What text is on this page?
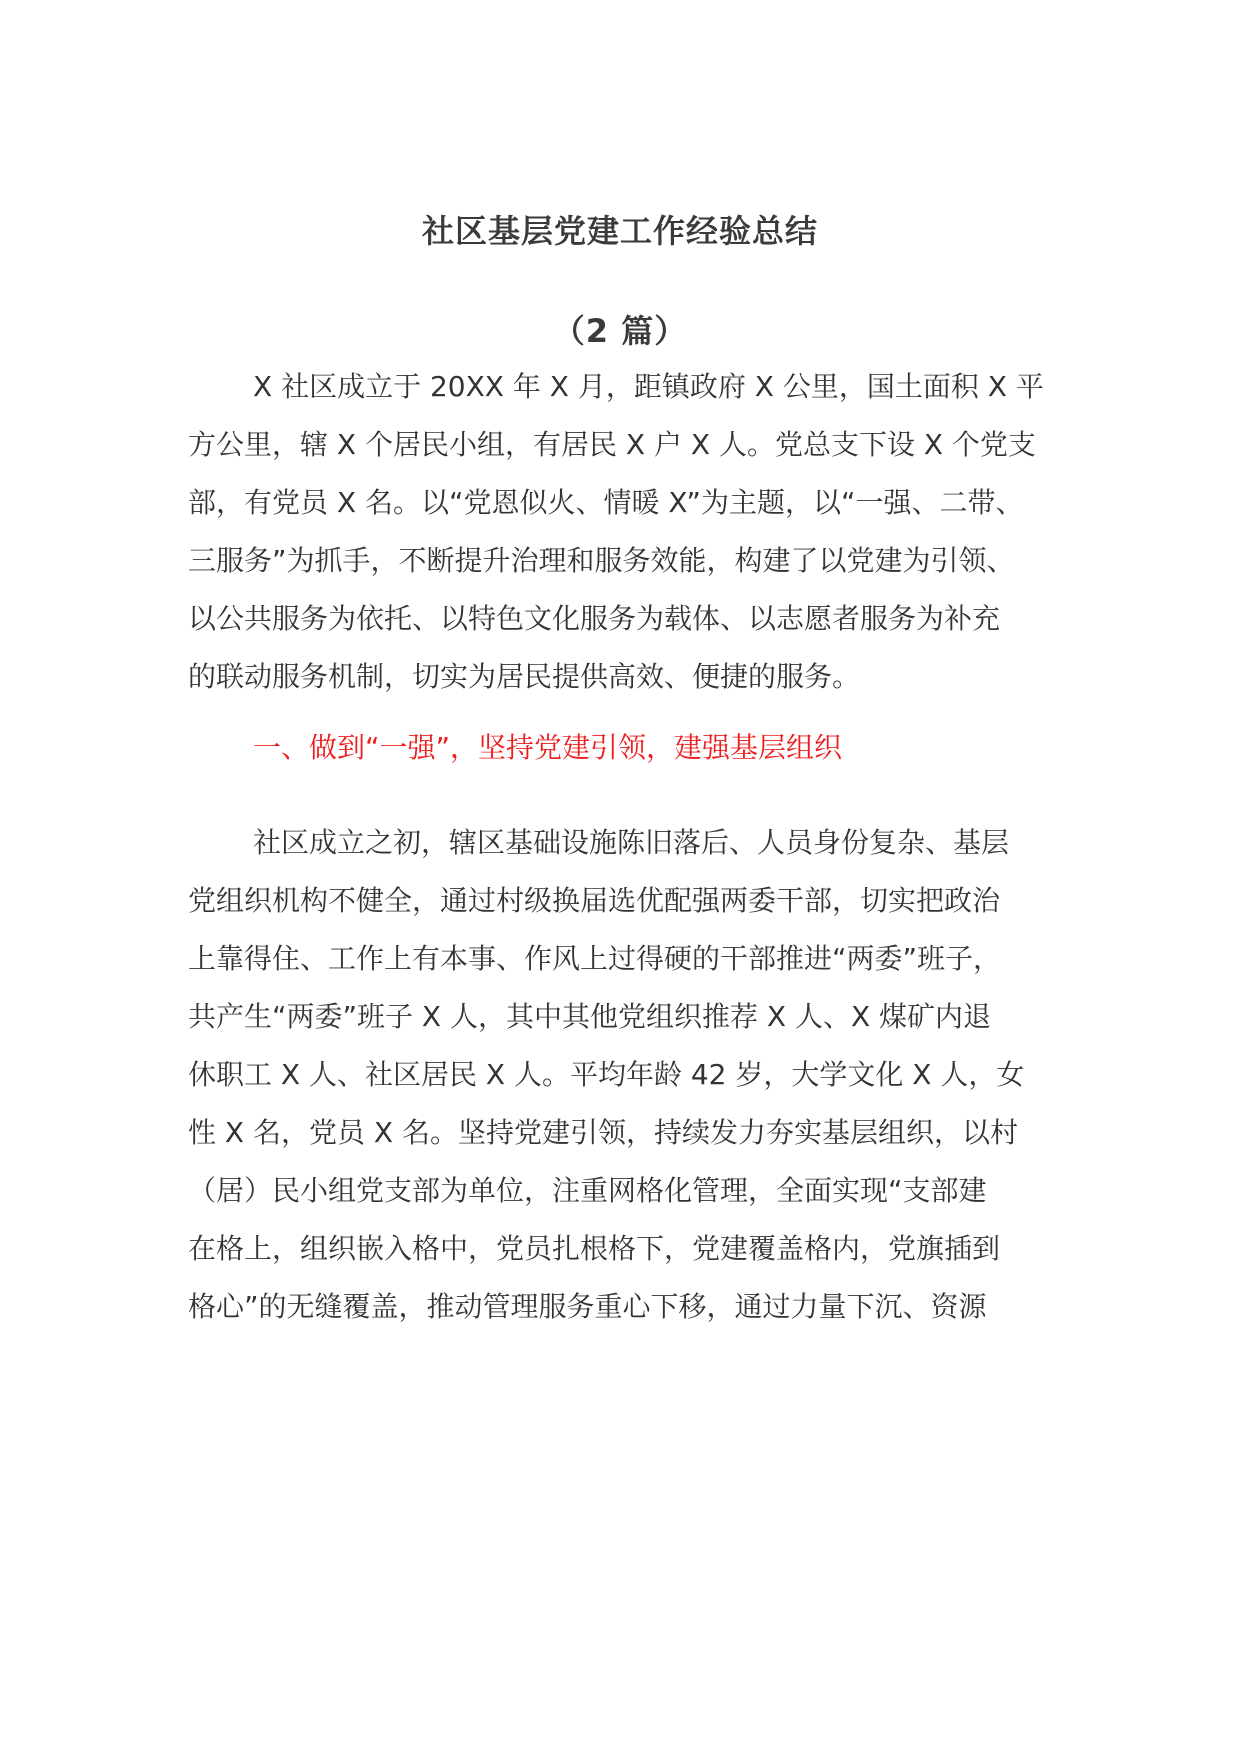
社区基层党建工作经验总结
（2 篇）
X 社区成立于 20XX 年 X 月，距镇政府 X 公里，国土面积 X 平
方公里，辖 X 个居民小组，有居民 X 户 X 人。党总支下设 X 个党支
部，有党员 X 名。以“党恩似火、情暖 X”为主题，以“一强、二带、
三服务”为抓手，不断提升治理和服务效能，构建了以党建为引领、
以公共服务为依托、以特色文化服务为载体、以志愿者服务为补充
的联动服务机制，切实为居民提供高效、便捷的服务。
一、做到“一强”，坚持党建引领，建强基层组织
社区成立之初，辖区基础设施陈旧落后、人员身份复杂、基层
党组织机构不健全，通过村级换届选优配强两委干部，切实把政治
上靠得住、工作上有本事、作风上过得硬的干部推进“两委”班子，
共产生“两委”班子 X 人，其中其他党组织推荐 X 人、X 煤矿内退
休职工 X 人、社区居民 X 人。平均年龄 42 岁，大学文化 X 人，女
性 X 名，党员 X 名。坚持党建引领，持续发力夯实基层组织，以村
（居）民小组党支部为单位，注重网格化管理，全面实现“支部建
在格上，组织嵌入格中，党员扎根格下，党建覆盖格内，党旗插到
格心”的无缝覆盖，推动管理服务重心下移，通过力量下沉、资源
